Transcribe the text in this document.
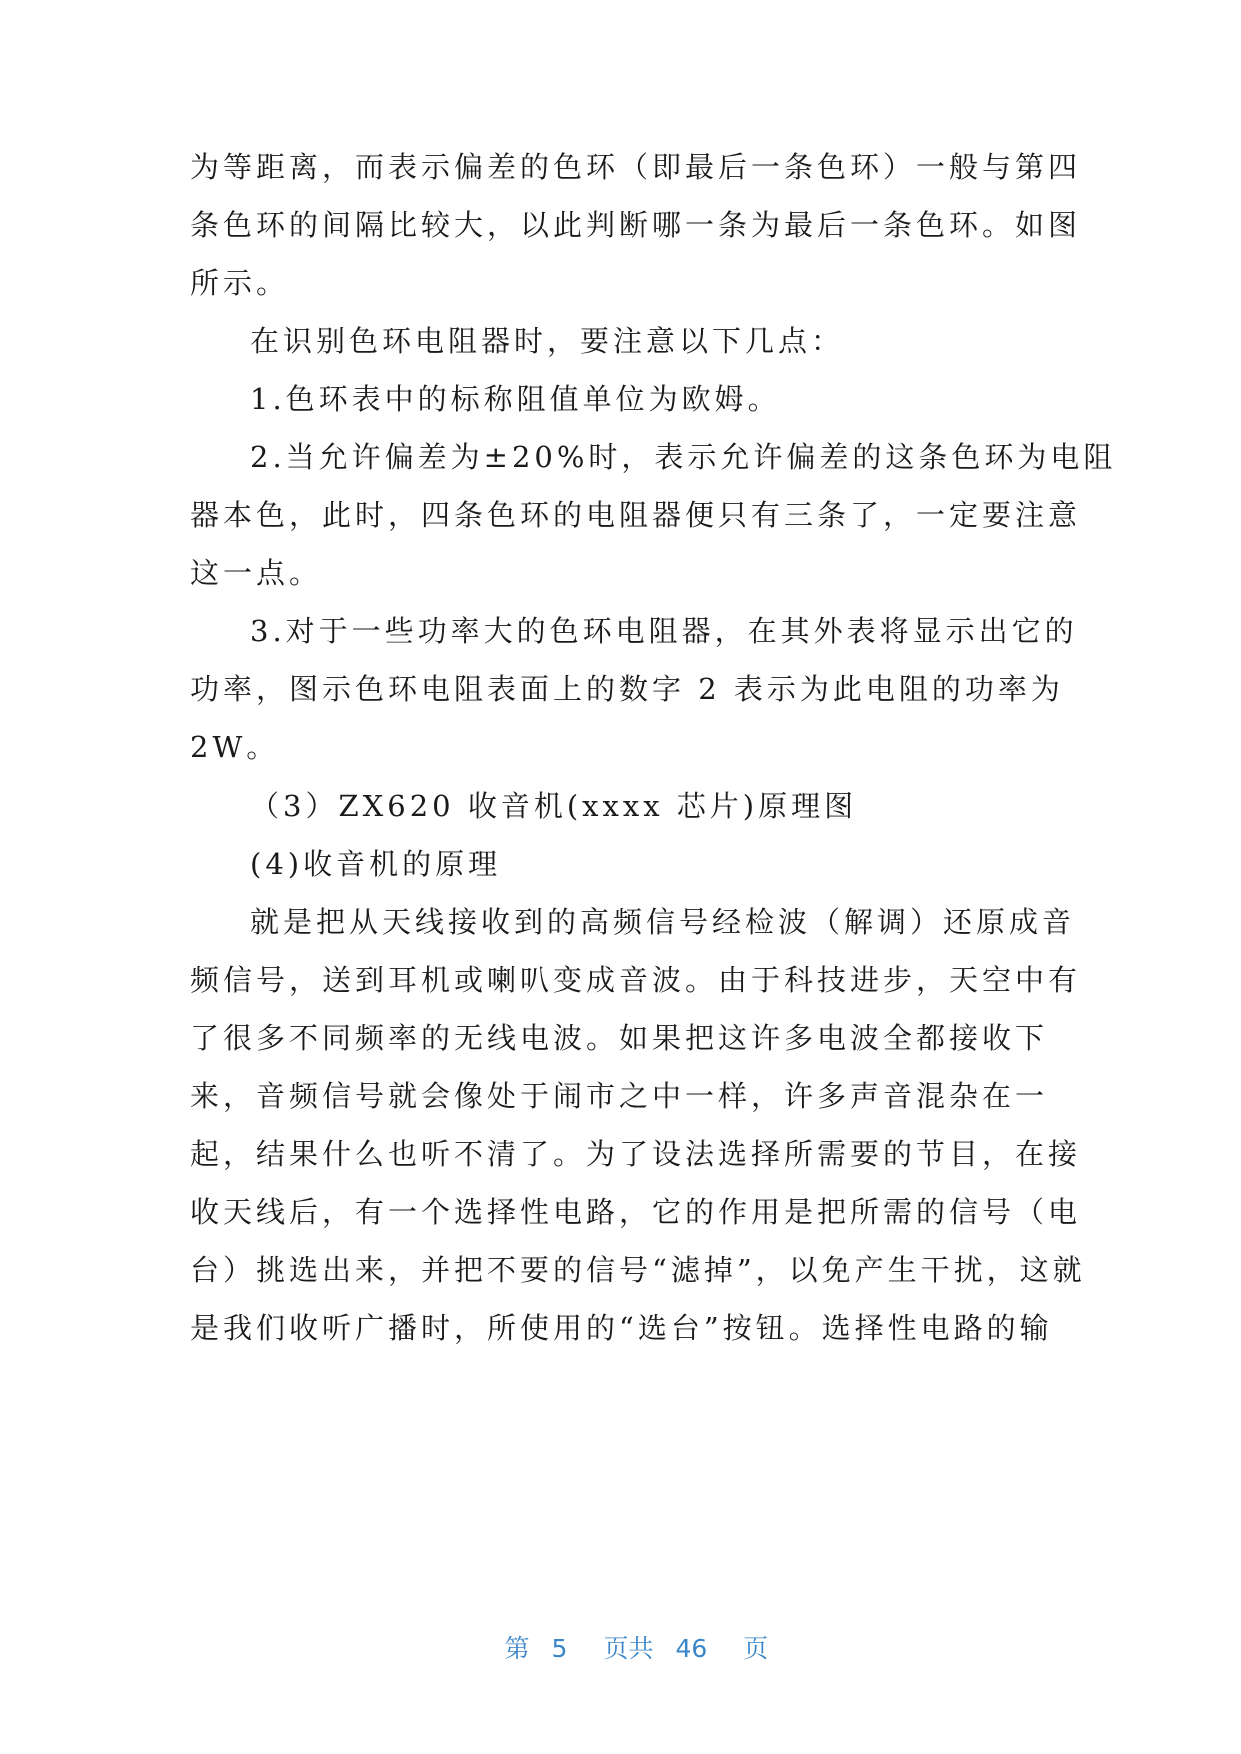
为等距离，而表示偏差的色环（即最后一条色环）一般与第四
条色环的间隔比较大，以此判断哪一条为最后一条色环。如图
所示。
在识别色环电阻器时，要注意以下几点：
1.色环表中的标称阻值单位为欧姆。
2.当允许偏差为±20%时，表示允许偏差的这条色环为电阻
器本色，此时，四条色环的电阻器便只有三条了，一定要注意
这一点。
3.对于一些功率大的色环电阻器，在其外表将显示出它的
功率，图示色环电阻表面上的数字 2 表示为此电阻的功率为
2W。
（3）ZX620 收音机(xxxx 芯片)原理图
(4)收音机的原理
就是把从天线接收到的高频信号经检波（解调）还原成音
频信号，送到耳机或喇叭变成音波。由于科技进步，天空中有
了很多不同频率的无线电波。如果把这许多电波全都接收下
来，音频信号就会像处于闹市之中一样，许多声音混杂在一
起，结果什么也听不清了。为了设法选择所需要的节目，在接
收天线后，有一个选择性电路，它的作用是把所需的信号（电
台）挑选出来，并把不要的信号“滤掉”，以免产生干扰，这就
是我们收听广播时，所使用的“选台”按钮。选择性电路的输

第 5 页共 46 页
